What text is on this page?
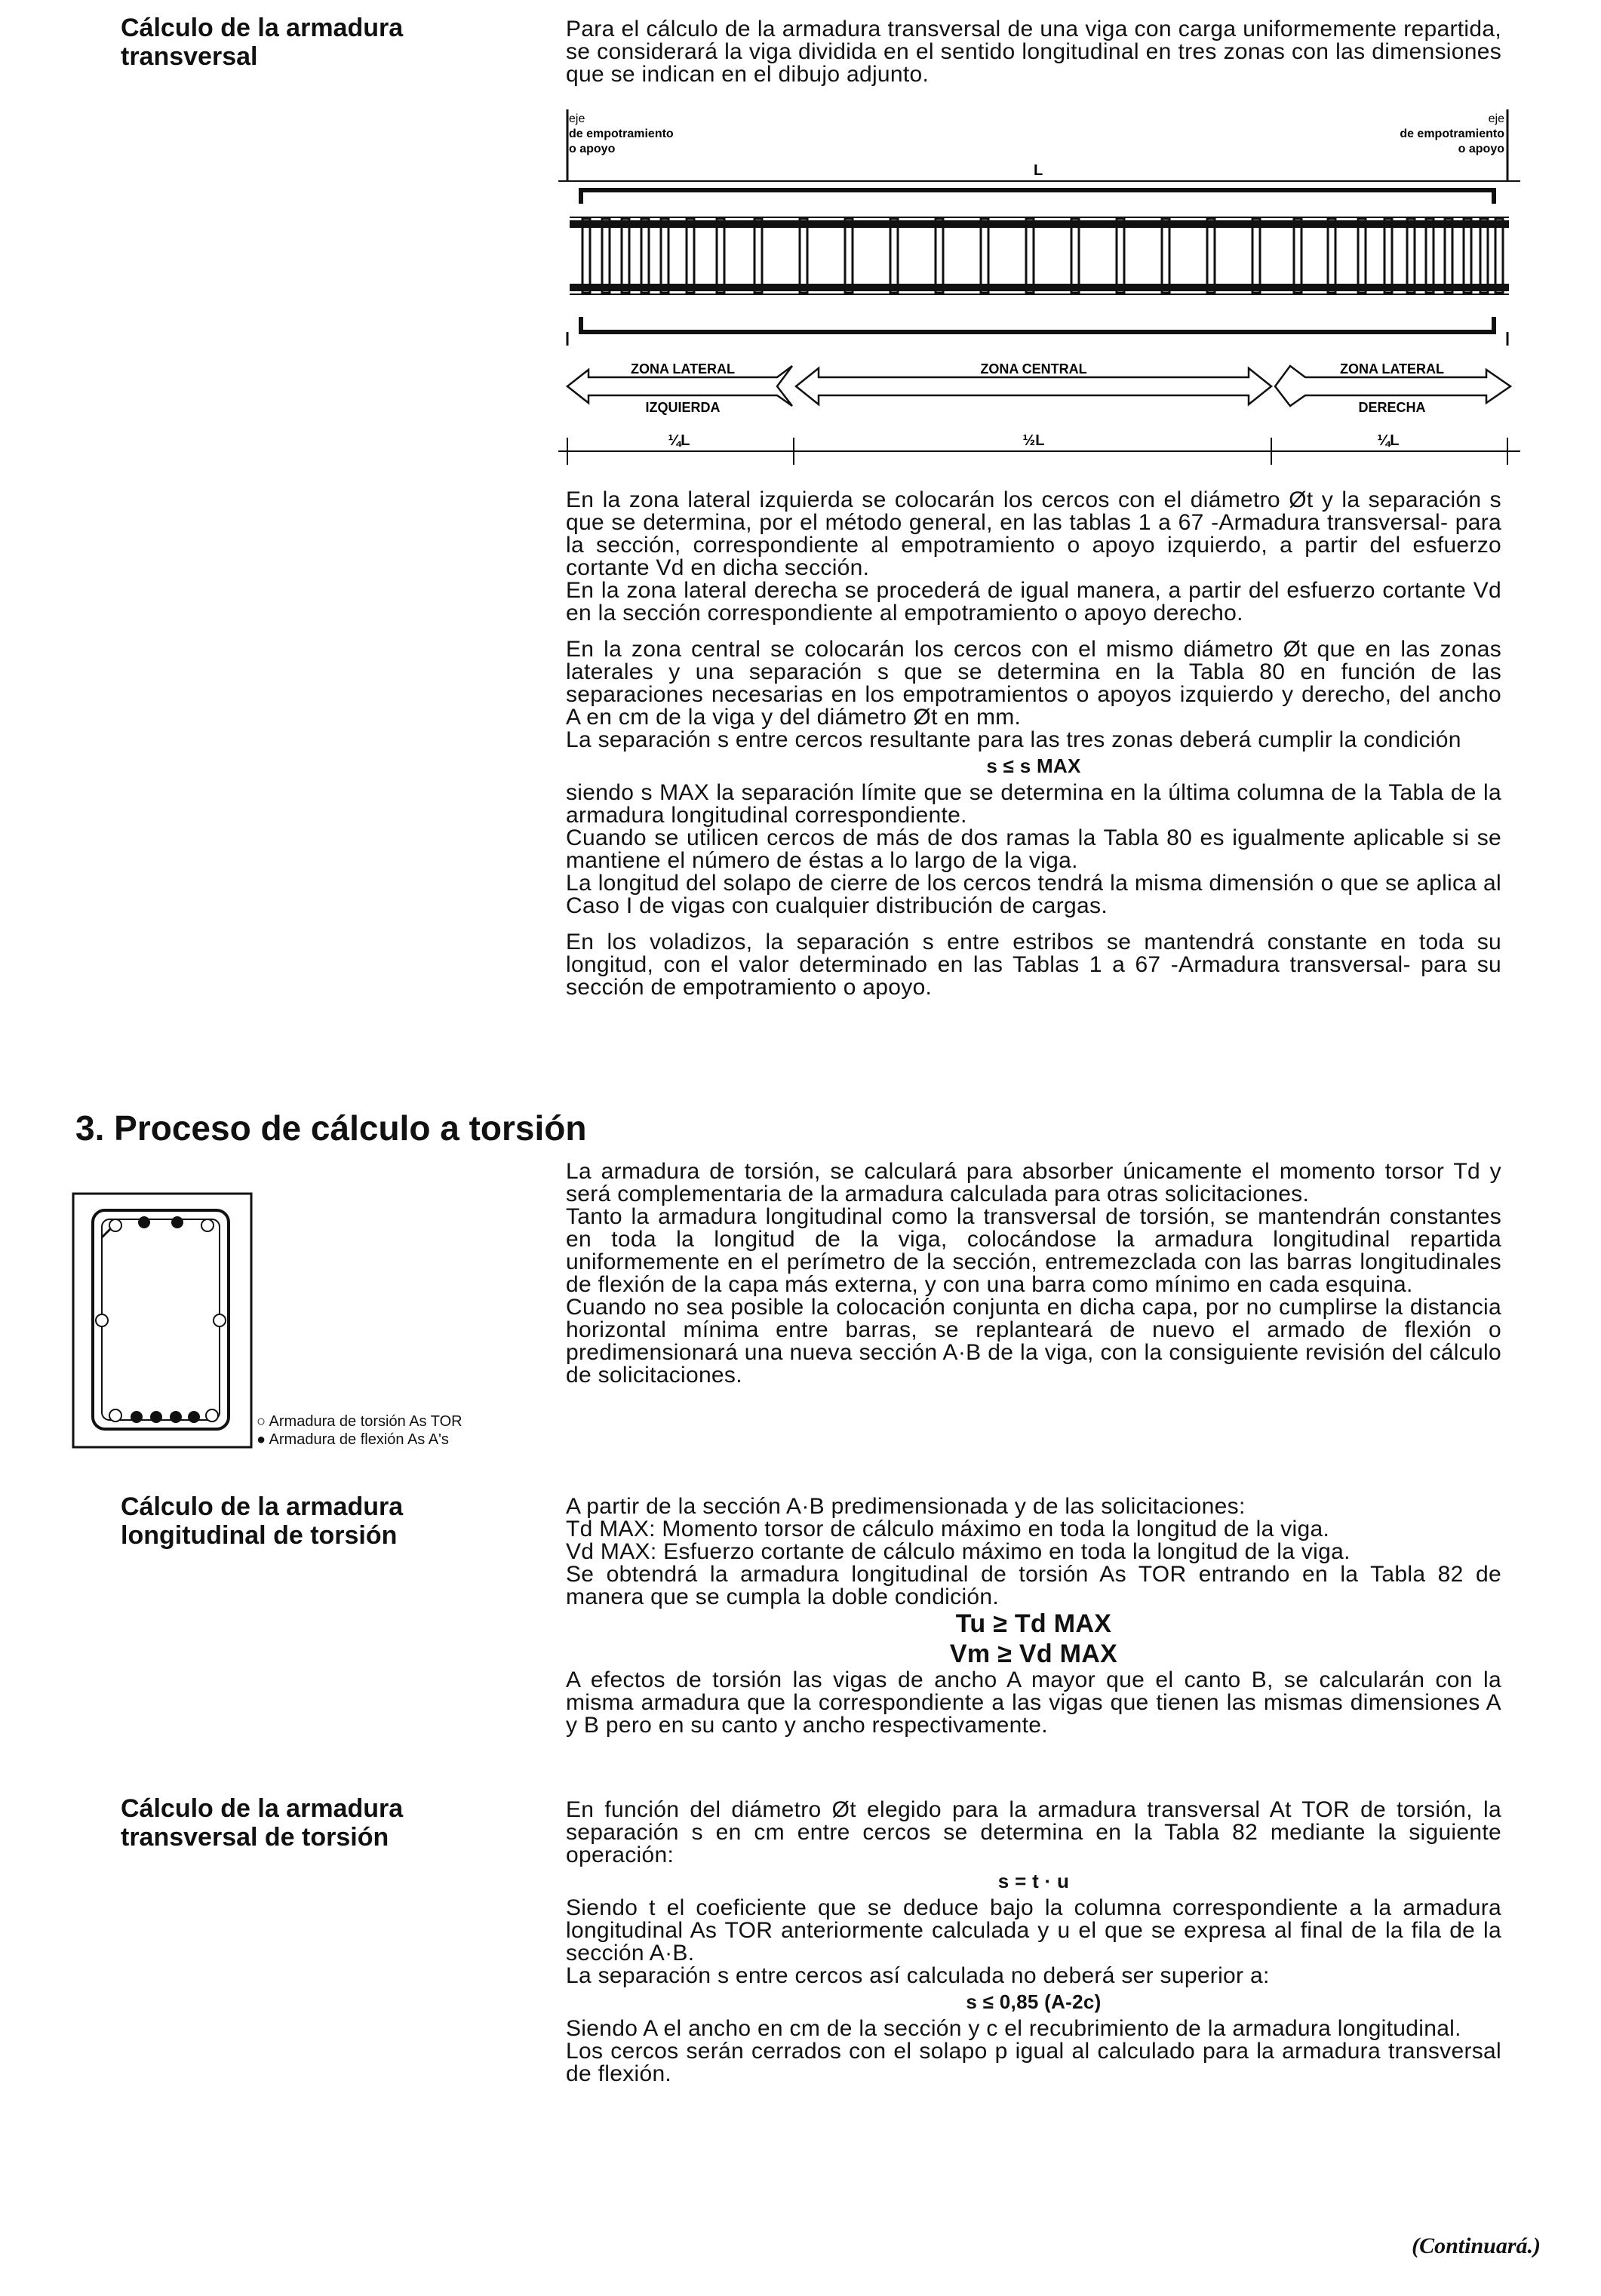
Cálculo de la armadura transversal

Para el cálculo de la armadura transversal de una viga con carga uniformemente repartida, se considerará la viga dividida en el sentido longitudinal en tres zonas con las dimensiones que se indican en el dibujo adjunto.

eje
de empotramiento
o apoyo
eje
de empotramiento
o apoyo
L
ZONA LATERAL
IZQUIERDA
ZONA CENTRAL	ZONA LATERAL
DERECHA
¼L	½L	¼L

En la zona lateral izquierda se colocarán los cercos con el diámetro Øt y la separación s que se determina, por el método general, en las tablas 1 a 67 -Armadura transversal- para la sección, correspondiente al empotramiento o apoyo izquierdo, a partir del esfuerzo cortante Vd en dicha sección.

En la zona lateral derecha se procederá de igual manera, a partir del esfuerzo cortante Vd en la sección correspondiente al empotramiento o apoyo derecho.

En la zona central se colocarán los cercos con el mismo diámetro Øt que en las zonas laterales y una separación s que se determina en la Tabla 80 en función de las separaciones necesarias en los empotramientos o apoyos izquierdo y derecho, del ancho A en cm de la viga y del diámetro Øt en mm.

La separación s entre cercos resultante para las tres zonas deberá cumplir la condición

s ≤ s MAX

siendo s MAX la separación límite que se determina en la última columna de la Tabla de la armadura longitudinal correspondiente.

Cuando se utilicen cercos de más de dos ramas la Tabla 80 es igualmente aplicable si se mantiene el número de éstas a lo largo de la viga.

La longitud del solapo de cierre de los cercos tendrá la misma dimensión o que se aplica al Caso I de vigas con cualquier distribución de cargas.

En los voladizos, la separación s entre estribos se mantendrá constante en toda su longitud, con el valor determinado en las Tablas 1 a 67 -Armadura transversal- para su sección de empotramiento o apoyo.

3. Proceso de cálculo a torsión
○ Armadura de torsión As TOR
● Armadura de flexión As A's

La armadura de torsión, se calculará para absorber únicamente el momento torsor Td y será complementaria de la armadura calculada para otras solicitaciones.

Tanto la armadura longitudinal como la transversal de torsión, se mantendrán constantes en toda la longitud de la viga, colocándose la armadura longitudinal repartida uniformemente en el perímetro de la sección, entremezclada con las barras longitudinales de flexión de la capa más externa, y con una barra como mínimo en cada esquina.

Cuando no sea posible la colocación conjunta en dicha capa, por no cumplirse la distancia horizontal mínima entre barras, se replanteará de nuevo el armado de flexión o predimensionará una nueva sección A·B de la viga, con la consiguiente revisión del cálculo de solicitaciones.

Cálculo de la armadura longitudinal de torsión

A partir de la sección A·B predimensionada y de las solicitaciones:

Td MAX: Momento torsor de cálculo máximo en toda la longitud de la viga.

Vd MAX: Esfuerzo cortante de cálculo máximo en toda la longitud de la viga.

Se obtendrá la armadura longitudinal de torsión As TOR entrando en la Tabla 82 de manera que se cumpla la doble condición.

Tu ≥ Td MAX
Vm ≥ Vd MAX

A efectos de torsión las vigas de ancho A mayor que el canto B, se calcularán con la misma armadura que la correspondiente a las vigas que tienen las mismas dimensiones A y B pero en su canto y ancho respectivamente.

Cálculo de la armadura transversal de torsión

En función del diámetro Øt elegido para la armadura transversal At TOR de torsión, la separación s en cm entre cercos se determina en la Tabla 82 mediante la siguiente operación:

s = t · u

Siendo t el coeficiente que se deduce bajo la columna correspondiente a la armadura longitudinal As TOR anteriormente calculada y u el que se expresa al final de la fila de la sección A·B.

La separación s entre cercos así calculada no deberá ser superior a:

s ≤ 0,85 (A-2c)

Siendo A el ancho en cm de la sección y c el recubrimiento de la armadura longitudinal.

Los cercos serán cerrados con el solapo p igual al calculado para la armadura transversal de flexión.

(Continuará.)
